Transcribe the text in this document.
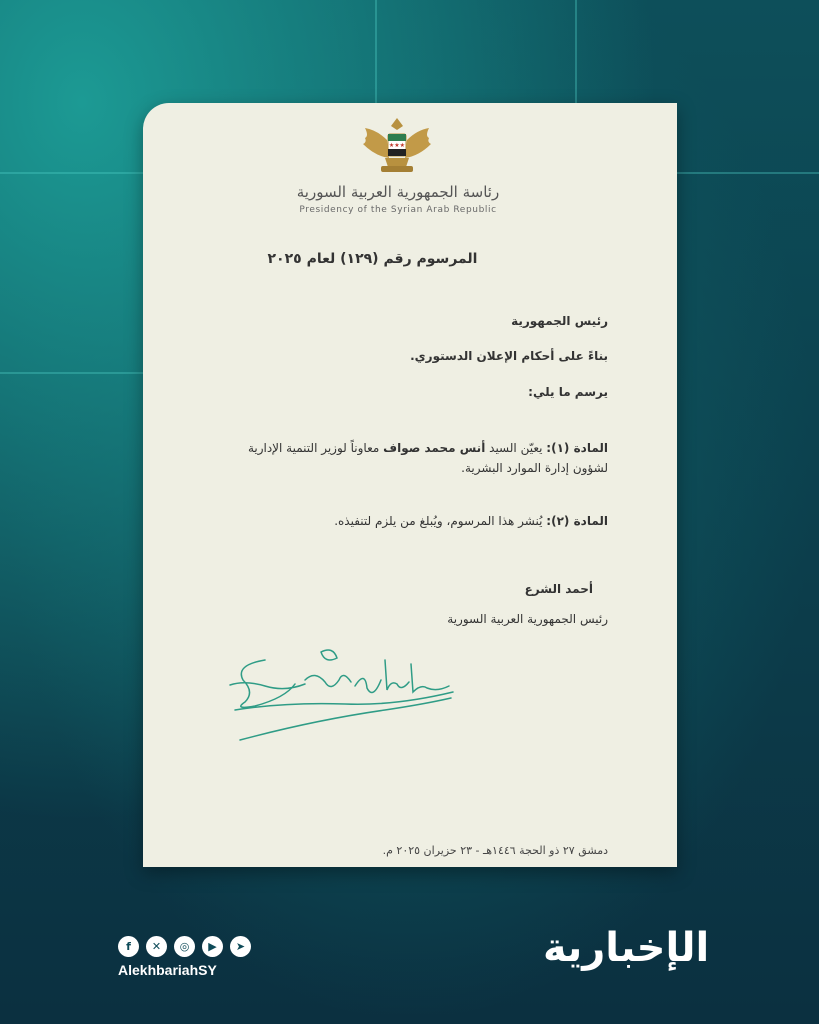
★★★
رئاسة الجمهورية العربية السورية
Presidency of the Syrian Arab Republic
المرسوم رقم (١٢٩) لعام ٢٠٢٥
رئيس الجمهورية
بناءً على أحكام الإعلان الدستوري.
يرسم ما يلي:
المادة (١): يعيّن السيد أنس محمد صواف معاوناً لوزير التنمية الإدارية لشؤون إدارة الموارد البشرية.
المادة (٢): يُنشر هذا المرسوم، ويُبلغ من يلزم لتنفيذه.
أحمد الشرع
رئيس الجمهورية العربية السورية
دمشق ٢٧ ذو الحجة ١٤٤٦هـ - ٢٣ حزيران ٢٠٢٥ م.
f	✕	◎	▶	➤
AlekhbariahSY	الإخبارية
